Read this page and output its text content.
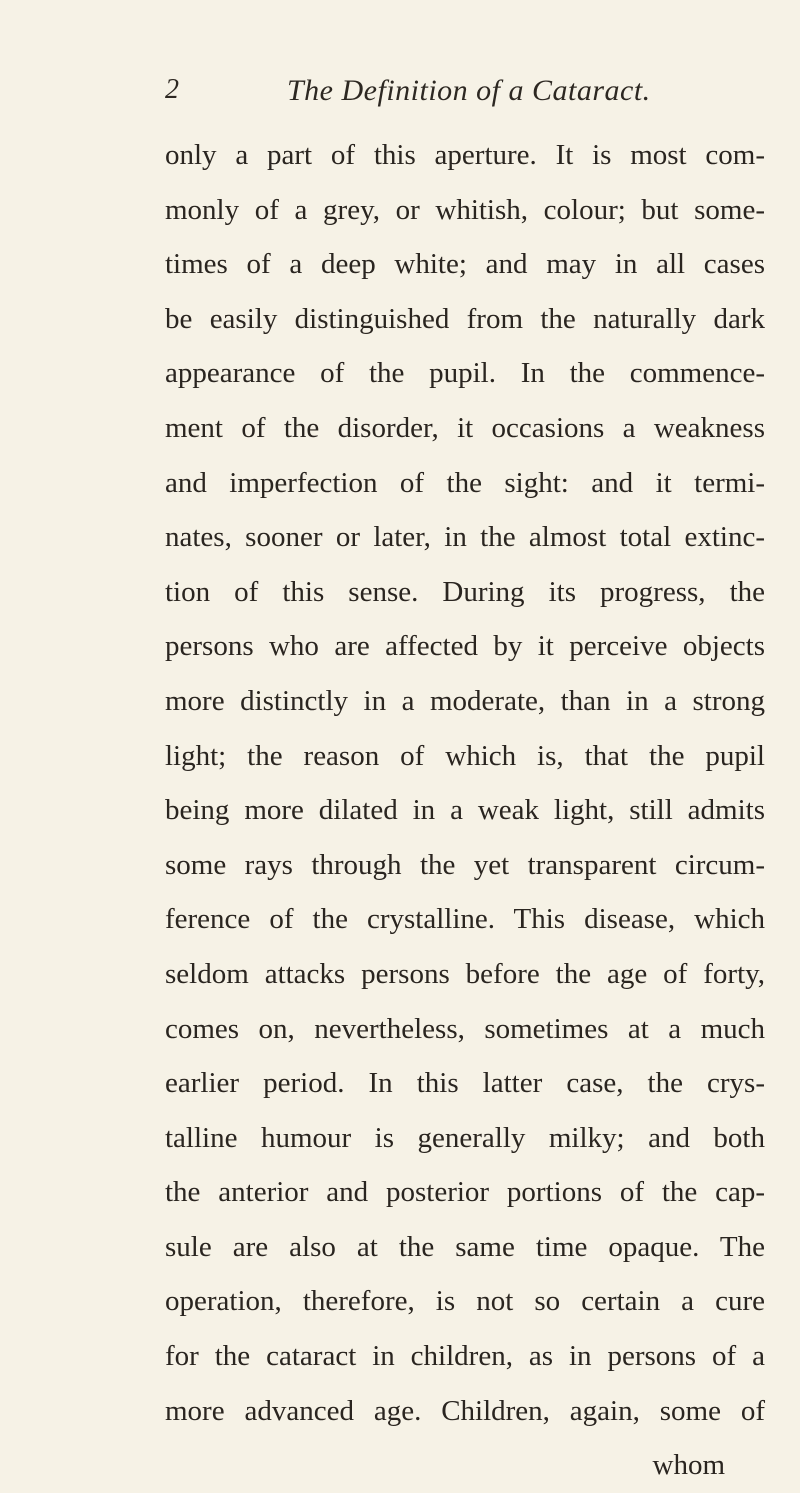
2	The Definition of a Cataract.
only a part of this aperture. It is most com-
monly of a grey, or whitish, colour; but some-
times of a deep white; and may in all cases
be easily distinguished from the naturally dark
appearance of the pupil. In the commence-
ment of the disorder, it occasions a weakness
and imperfection of the sight: and it termi-
nates, sooner or later, in the almost total extinc-
tion of this sense. During its progress, the
persons who are affected by it perceive objects
more distinctly in a moderate, than in a strong
light; the reason of which is, that the pupil
being more dilated in a weak light, still admits
some rays through the yet transparent circum-
ference of the crystalline. This disease, which
seldom attacks persons before the age of forty,
comes on, nevertheless, sometimes at a much
earlier period. In this latter case, the crys-
talline humour is generally milky; and both
the anterior and posterior portions of the cap-
sule are also at the same time opaque. The
operation, therefore, is not so certain a cure
for the cataract in children, as in persons of a
more advanced age. Children, again, some of
whom
